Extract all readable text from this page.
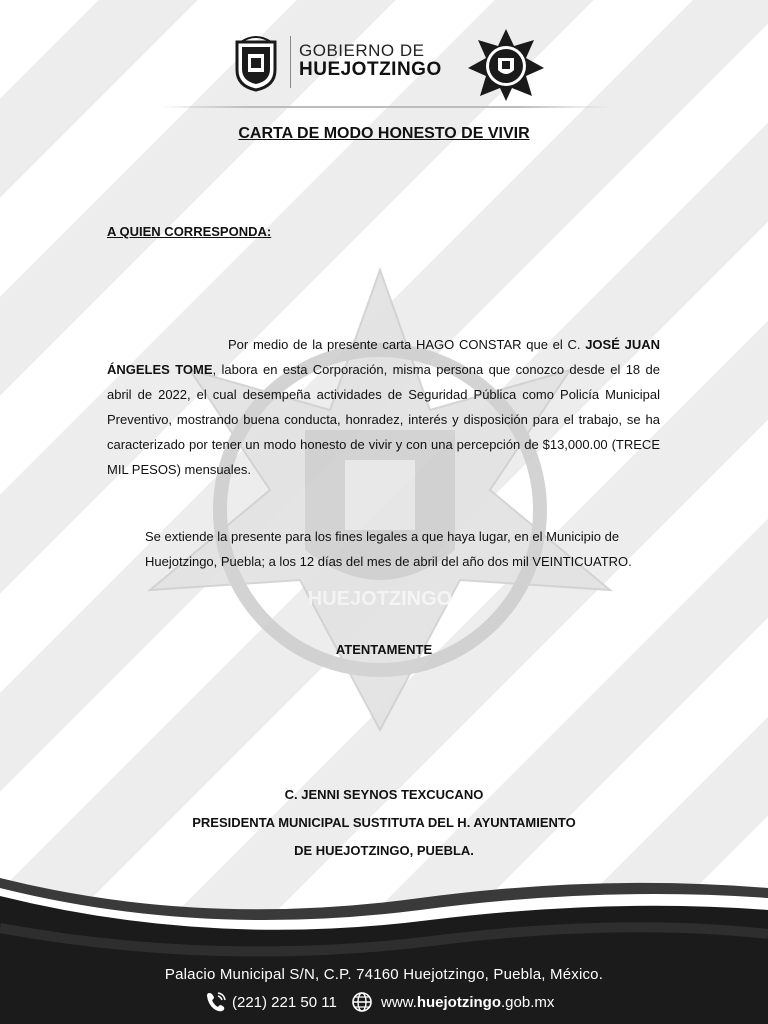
HUEJOTZINGO
GOBIERNO DE
HUEJOTZINGO
CARTA DE MODO HONESTO DE VIVIR
A QUIEN CORRESPONDA:
Por medio de la presente carta HAGO CONSTAR que el C. JOSÉ JUAN ÁNGELES TOME, labora en esta Corporación, misma persona que conozco desde el 18 de abril de 2022, el cual desempeña actividades de Seguridad Pública como Policía Municipal Preventivo, mostrando buena conducta, honradez, interés y disposición para el trabajo, se ha caracterizado por tener un modo honesto de vivir y con una percepción de $13,000.00 (TRECE MIL PESOS) mensuales.
Se extiende la presente para los fines legales a que haya lugar, en el Municipio de
Huejotzingo, Puebla; a los 12 días del mes de abril del año dos mil VEINTICUATRO.
ATENTAMENTE
C. JENNI SEYNOS TEXCUCANO
PRESIDENTA MUNICIPAL SUSTITUTA DEL H. AYUNTAMIENTO
DE HUEJOTZINGO, PUEBLA.
Palacio Municipal S/N, C.P. 74160 Huejotzingo, Puebla, México.
(221) 221 50 11	www.huejotzingo.gob.mx
